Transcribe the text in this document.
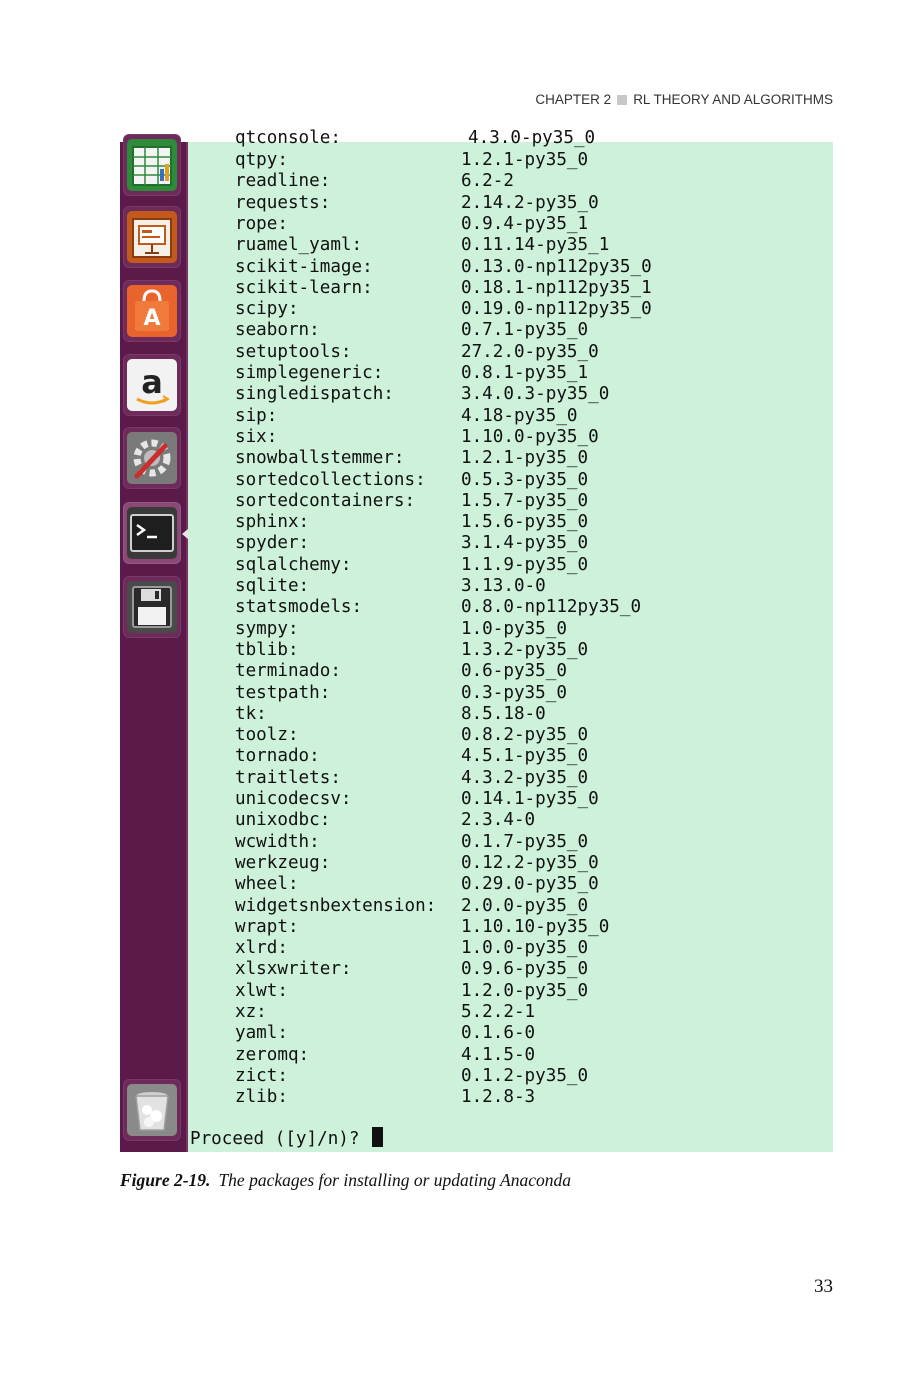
CHAPTER 2 RL THEORY AND ALGORITHMS
A
a
qtconsole:            4.3.0-py35_0
qtpy:	1.2.1-py35_0
readline:	6.2-2
requests:	2.14.2-py35_0
rope:	0.9.4-py35_1
ruamel_yaml:	0.11.14-py35_1
scikit-image:	0.13.0-np112py35_0
scikit-learn:	0.18.1-np112py35_1
scipy:	0.19.0-np112py35_0
seaborn:	0.7.1-py35_0
setuptools:	27.2.0-py35_0
simplegeneric:	0.8.1-py35_1
singledispatch:	3.4.0.3-py35_0
sip:	4.18-py35_0
six:	1.10.0-py35_0
snowballstemmer:	1.2.1-py35_0
sortedcollections: 0.5.3-py35_0
sortedcontainers:	1.5.7-py35_0
sphinx:	1.5.6-py35_0
spyder:	3.1.4-py35_0
sqlalchemy:	1.1.9-py35_0
sqlite:	3.13.0-0
statsmodels:	0.8.0-np112py35_0
sympy:	1.0-py35_0
tblib:	1.3.2-py35_0
terminado:	0.6-py35_0
testpath:	0.3-py35_0
tk:	8.5.18-0
toolz:	0.8.2-py35_0
tornado:	4.5.1-py35_0
traitlets:	4.3.2-py35_0
unicodecsv:	0.14.1-py35_0
unixodbc:	2.3.4-0
wcwidth:	0.1.7-py35_0
werkzeug:	0.12.2-py35_0
wheel:	0.29.0-py35_0
widgetsnbextension: 2.0.0-py35_0
wrapt:	1.10.10-py35_0
xlrd:	1.0.0-py35_0
xlsxwriter:	0.9.6-py35_0
xlwt:	1.2.0-py35_0
xz:	5.2.2-1
yaml:	0.1.6-0
zeromq:	4.1.5-0
zict:	0.1.2-py35_0
zlib:	1.2.8-3
Proceed ([y]/n)?
Figure 2-19. The packages for installing or updating Anaconda
33
